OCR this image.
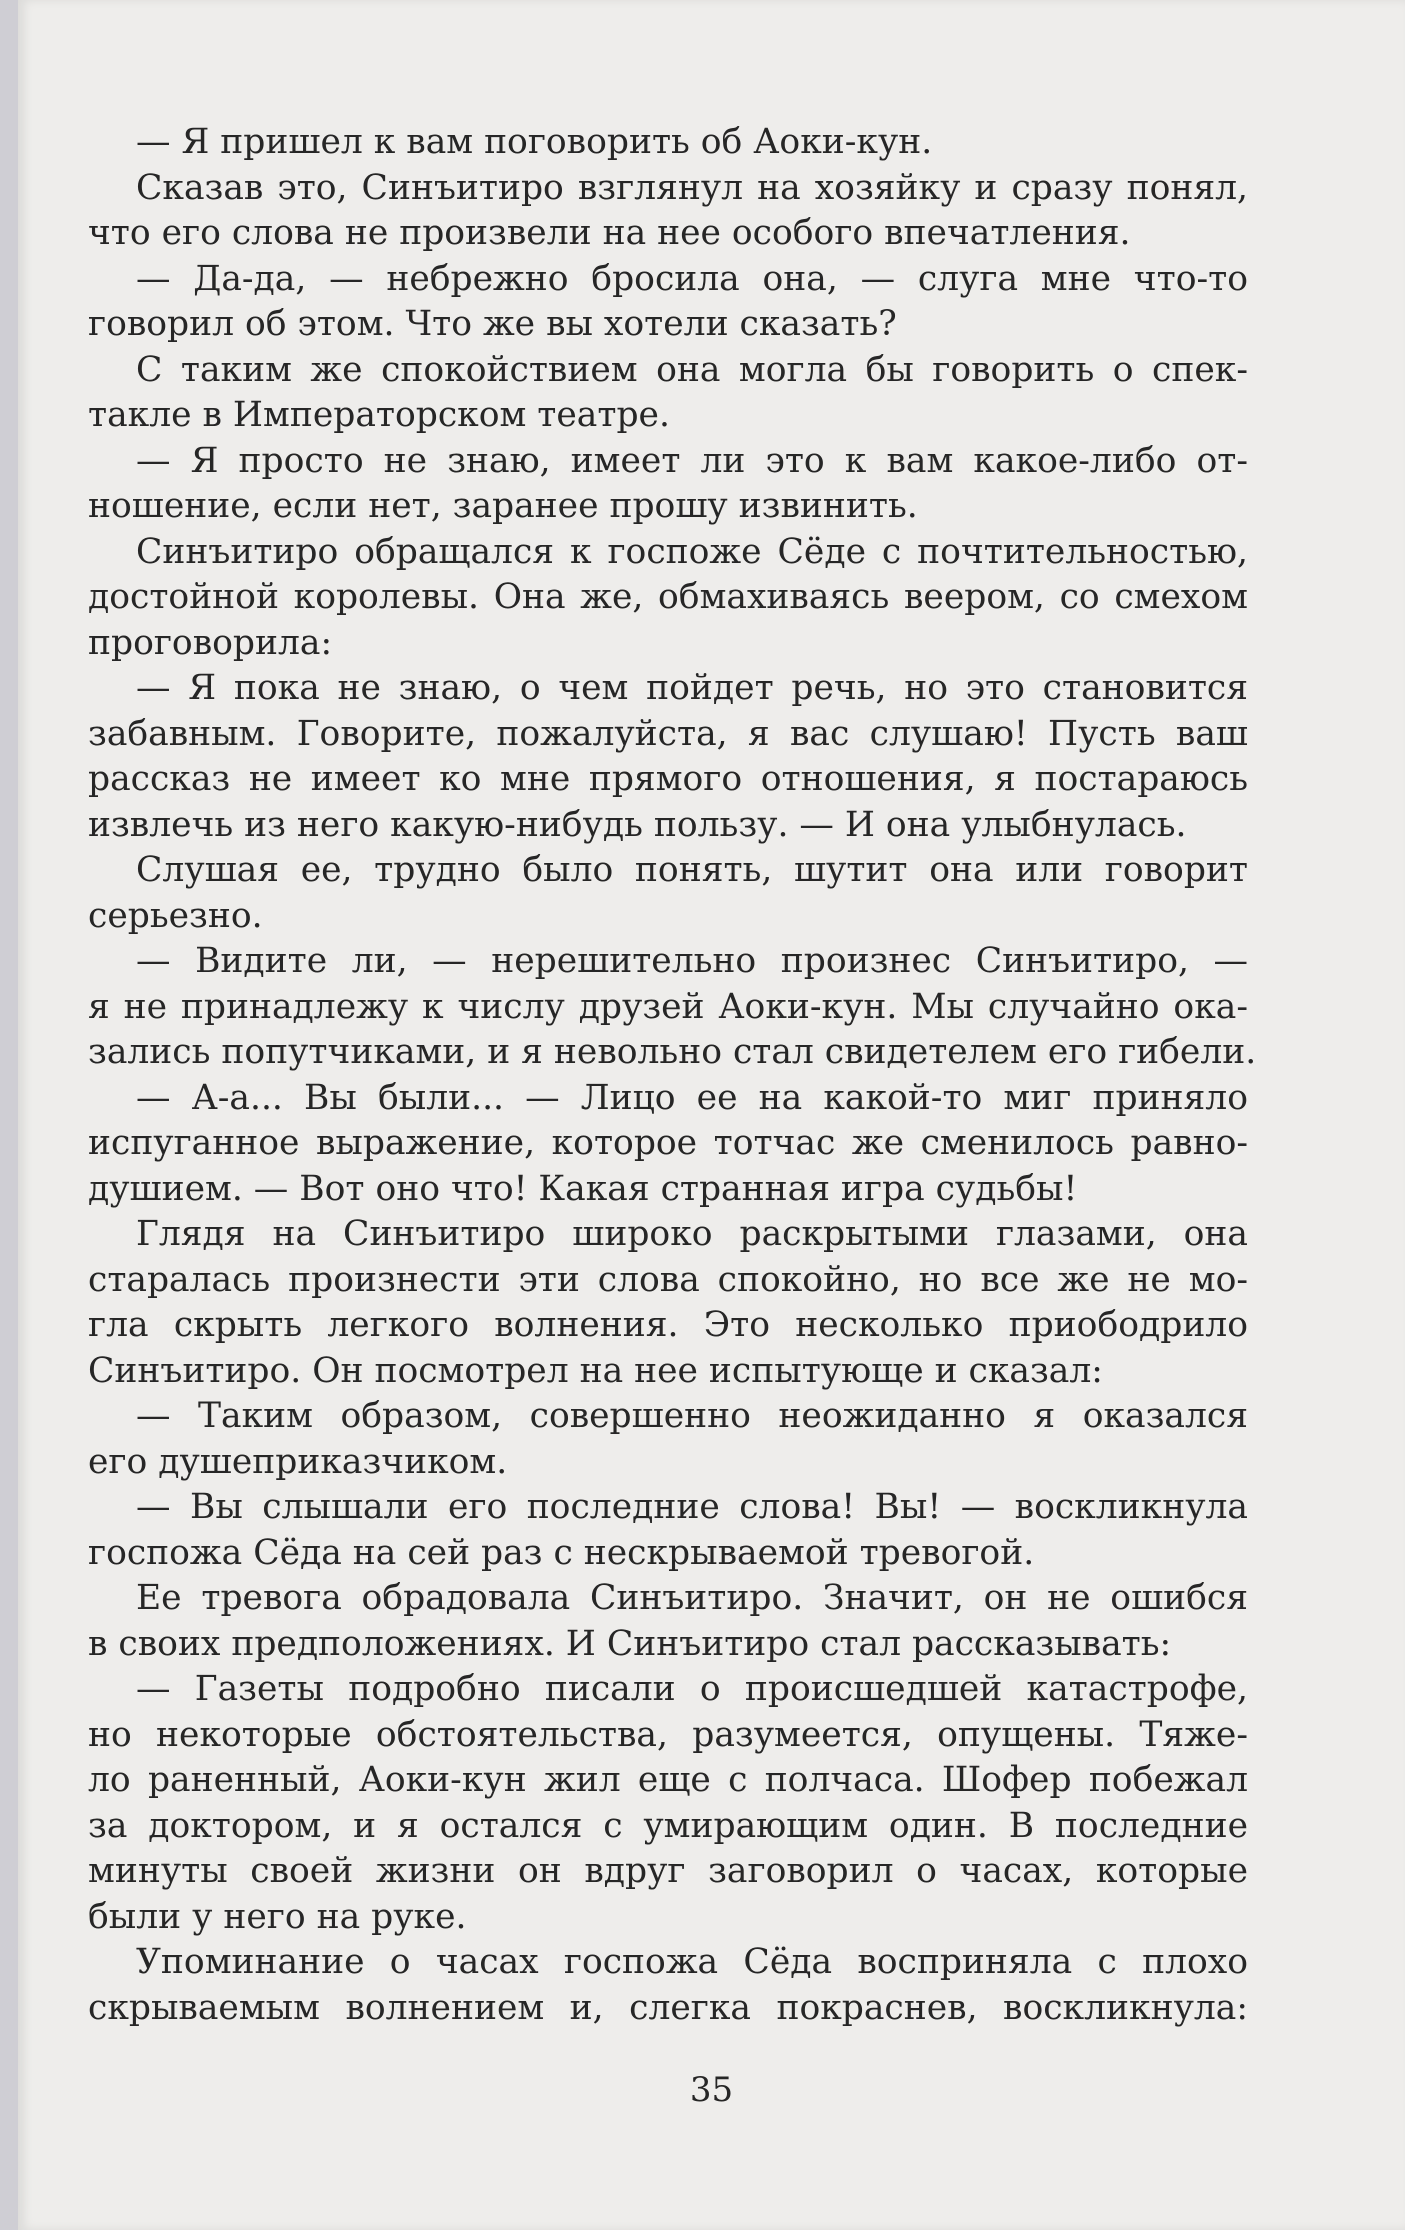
— Я пришел к вам поговорить об Аоки-кун.
Сказав это, Синъитиро взглянул на хозяйку и сразу понял,
что его слова не произвели на нее особого впечатления.
— Да-да, — небрежно бросила она, — слуга мне что-то
говорил об этом. Что же вы хотели сказать?
С таким же спокойствием она могла бы говорить о спек-
такле в Императорском театре.
— Я просто не знаю, имеет ли это к вам какое-либо от-
ношение, если нет, заранее прошу извинить.
Синъитиро обращался к госпоже Сёде с почтительностью,
достойной королевы. Она же, обмахиваясь веером, со смехом
проговорила:
— Я пока не знаю, о чем пойдет речь, но это становится
забавным. Говорите, пожалуйста, я вас слушаю! Пусть ваш
рассказ не имеет ко мне прямого отношения, я постараюсь
извлечь из него какую-нибудь пользу. — И она улыбнулась.
Слушая ее, трудно было понять, шутит она или говорит
серьезно.
— Видите ли, — нерешительно произнес Синъитиро, —
я не принадлежу к числу друзей Аоки-кун. Мы случайно ока-
зались попутчиками, и я невольно стал свидетелем его гибели.
— А-а... Вы были... — Лицо ее на какой-то миг приняло
испуганное выражение, которое тотчас же сменилось равно-
душием. — Вот оно что! Какая странная игра судьбы!
Глядя на Синъитиро широко раскрытыми глазами, она
старалась произнести эти слова спокойно, но все же не мо-
гла скрыть легкого волнения. Это несколько приободрило
Синъитиро. Он посмотрел на нее испытующе и сказал:
— Таким образом, совершенно неожиданно я оказался
его душеприказчиком.
— Вы слышали его последние слова! Вы! — воскликнула
госпожа Сёда на сей раз с нескрываемой тревогой.
Ее тревога обрадовала Синъитиро. Значит, он не ошибся
в своих предположениях. И Синъитиро стал рассказывать:
— Газеты подробно писали о происшедшей катастрофе,
но некоторые обстоятельства, разумеется, опущены. Тяже-
ло раненный, Аоки-кун жил еще с полчаса. Шофер побежал
за доктором, и я остался с умирающим один. В последние
минуты своей жизни он вдруг заговорил о часах, которые
были у него на руке.
Упоминание о часах госпожа Сёда восприняла с плохо
скрываемым волнением и, слегка покраснев, воскликнула:
35
